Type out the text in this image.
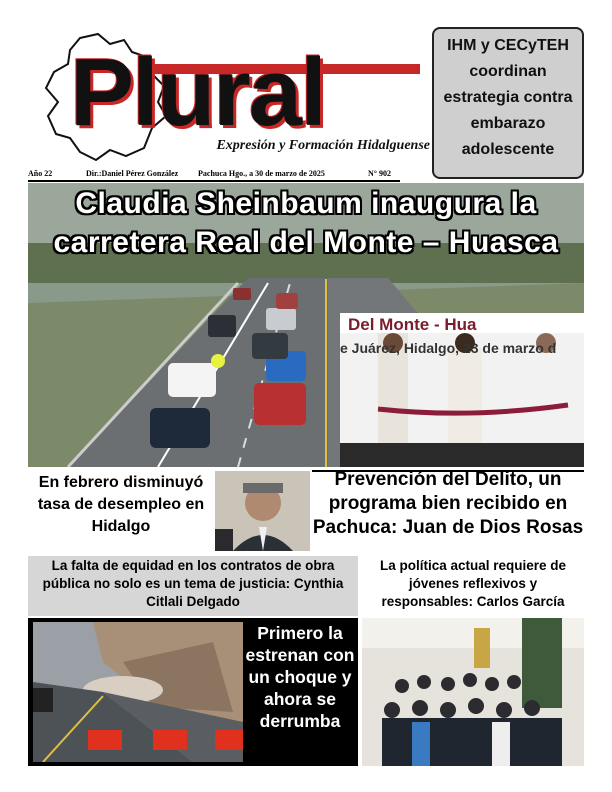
Plural
Expresión y Formación Hidalguense
IHM y CECyTEH coordinan estrategia contra embarazo adolescente
Año 22	Dir.:Daniel Pérez González Pachuca Hgo., a 30 de marzo de 2025	N° 902
Del Monte - Hua
e Juárez, Hidalgo, 23 de marzo d
Claudia Sheinbaum inaugura la carretera Real del Monte – Huasca
En febrero disminuyó tasa de desempleo en Hidalgo
Prevención del Delito, un programa bien recibido en Pachuca: Juan de Dios Rosas
La falta de equidad en los contratos de obra pública no solo es un tema de justicia: Cynthia Citlali Delgado
La política actual requiere de jóvenes reflexivos y responsables: Carlos García
Primero la estrenan con un choque y ahora se derrumba
